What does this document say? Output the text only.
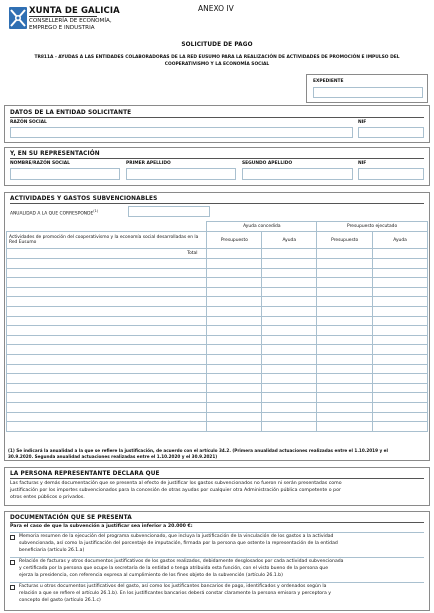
XUNTA DE GALICIA
CONSELLERÍA DE ECONOMÍA,
EMPREGO E INDUSTRIA
ANEXO IV
SOLICITUDE DE PAGO
TR811A - AYUDAS A LAS ENTIDADES COLABORADORAS DE LA RED EUSUMO PARA LA REALIZACIÓN DE ACTIVIDADES DE PROMOCIÓN E IMPULSO DEL
COOPERATIVISMO Y LA ECONOMÍA SOCIAL
EXPEDIENTE
DATOS DE LA ENTIDAD SOLICITANTE
RAZÓN SOCIAL	NIF
Y, EN SU REPRESENTACIÓN
NOMBRE/RAZÓN SOCIAL	PRIMER APELLIDO	SEGUNDO APELLIDO	NIF
ACTIVIDADES Y GASTOS SUBVENCIONABLES
ANUALIDAD A LA QUE CORRESPONDE$^{(1)}$
	Ayuda concedida		Presupuesto ejecutado	
Actividades de promoción del cooperativismo y la economía social desarrolladas en la Red Eusumo	Presupuesto	Ayuda	Presupuesto	Ayuda
Total				

(1) Se indicará la anualidad a la que se refiere la justificación, de acuerdo con el artículo 34.2. (Primera anualidad actuaciones realizadas entre el 1.10.2019 y el
30.9.2020. Segunda anualidad actuaciones realizadas entre el 1.10.2020 y el 30.9.2021)
LA PERSONA REPRESENTANTE DECLARA QUE
Las facturas y demás documentación que se presenta al efecto de justificar los gastos subvencionados no fueron ni serán presentadas como
justificación por los importes subvencionados para la concesión de otras ayudas por cualquier otra Administración pública competente o por
otros entes públicos o privados.
DOCUMENTACIÓN QUE SE PRESENTA
Para el caso de que la subvención a justificar sea inferior a 20.000 €:
Memoria resumen de la ejecución del programa subvencionado, que incluya la justificación de la vinculación de los gastos a la actividad
subvencionada, así como la justificación del porcentaje de imputación, firmada por la persona que ostente la representación de la entidad
beneficiaria (artículo 26.1.a)
Relación de facturas y otros documentos justificativos de los gastos realizados, debidamente desglosados por cada actividad subvencionada
y certificada por la persona que ocupe la secretaría de la entidad o tenga atribuida esta función, con el visto bueno de la persona que
ejerza la presidencia, con referencia expresa al cumplimiento de los fines objeto de la subvención (artículo 26.1.b)
Facturas u otros documentos justificativos del gasto, así como los justificantes bancarios de pago, identificados y ordenados según la
relación a que se refiere el artículo 26.1.b). En los justificantes bancarios deberá constar claramente la persona emisora y perceptora y
concepto del gasto (artículo 26.1.c)
